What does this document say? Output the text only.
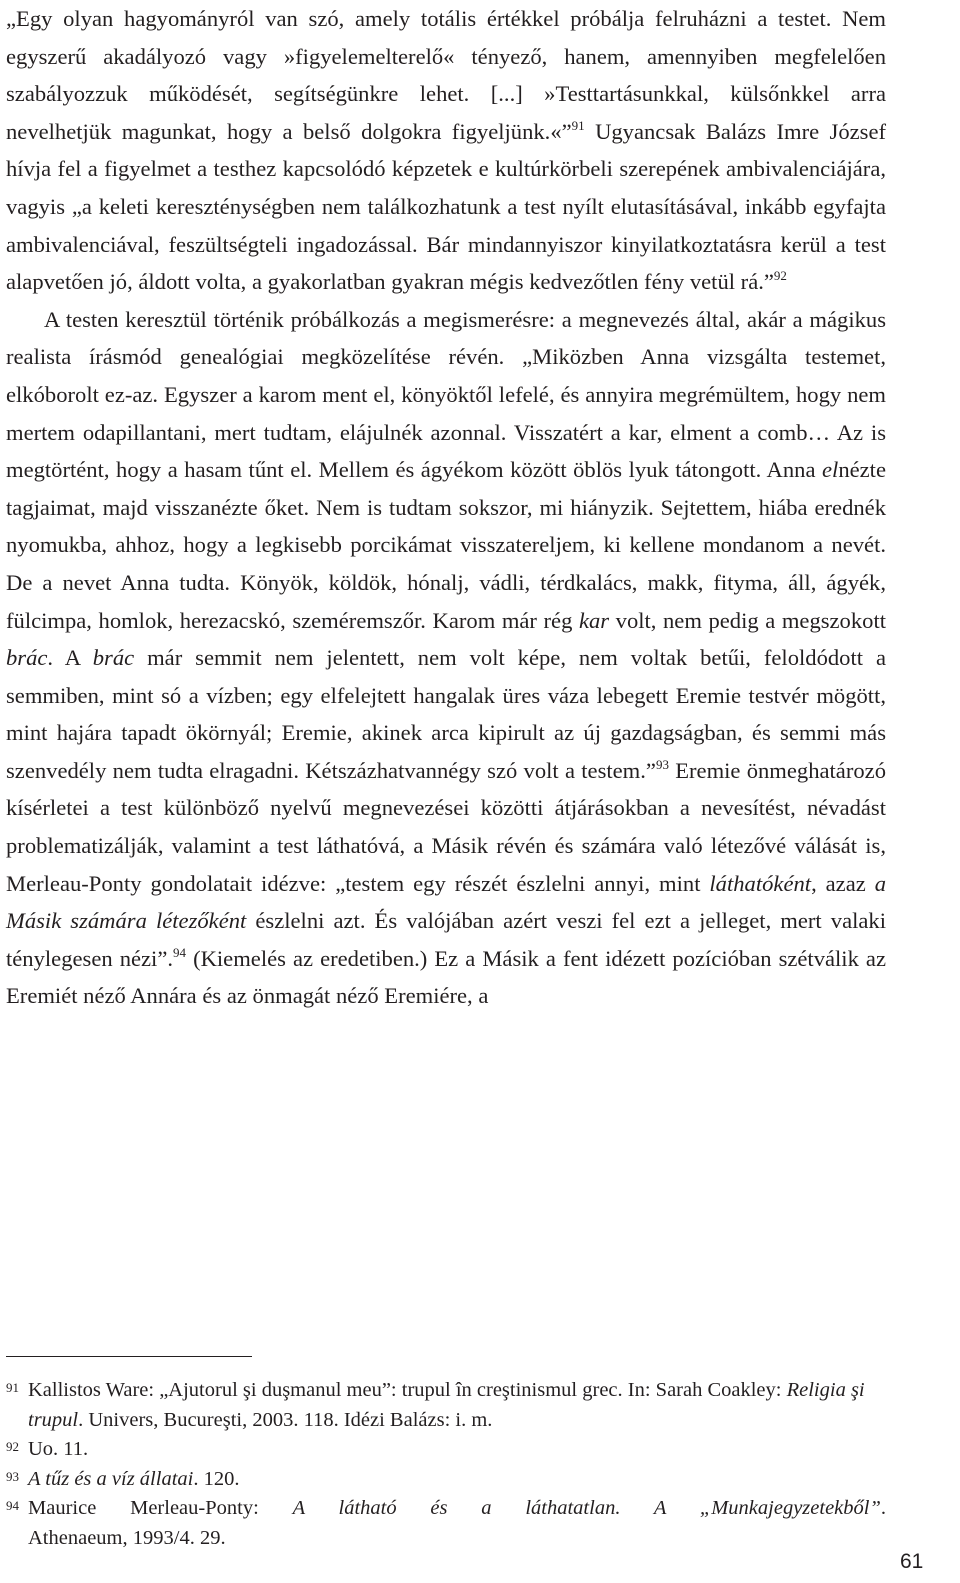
„Egy olyan hagyományról van szó, amely totális értékkel próbálja felruházni a testet. Nem egyszerű akadályozó vagy »figyelemelterelő« tényező, hanem, amennyiben megfelelően szabályozzuk működését, segítségünkre lehet. [...] »Testtartásunkkal, külsőnkkel arra nevelhetjük magunkat, hogy a belső dolgokra figyeljünk.«”$^{91}$ Ugyancsak Balázs Imre József hívja fel a figyelmet a testhez kapcsolódó képzetek e kultúrkörbeli szerepének ambivalenciájára, vagyis „a keleti kereszténységben nem találkozhatunk a test nyílt elutasításával, inkább egyfajta ambivalenciával, feszültségteli ingadozással. Bár mindannyiszor kinyilatkoztatásra kerül a test alapvetően jó, áldott volta, a gyakorlatban gyakran mégis kedvezőtlen fény vetül rá.”$^{92}$

A testen keresztül történik próbálkozás a megismerésre: a megnevezés által, akár a mágikus realista írásmód genealógiai megközelítése révén. „Miközben Anna vizsgálta testemet, elkóborolt ez-az. Egyszer a karom ment el, könyöktől lefelé, és annyira megrémültem, hogy nem mertem odapillantani, mert tudtam, elájulnék azonnal. Visszatért a kar, elment a comb… Az is megtörtént, hogy a hasam tűnt el. Mellem és ágyékom között öblös lyuk tátongott. Anna elnézte tagjaimat, majd visszanézte őket. Nem is tudtam sokszor, mi hiányzik. Sejtettem, hiába erednék nyomukba, ahhoz, hogy a legkisebb porcikámat visszatereljem, ki kellene mondanom a nevét. De a nevet Anna tudta. Könyök, köldök, hónalj, vádli, térdkalács, makk, fityma, áll, ágyék, fülcimpa, homlok, herezacskó, szeméremszőr. Karom már rég kar volt, nem pedig a megszokott brác. A brác már semmit nem jelentett, nem volt képe, nem voltak betűi, feloldódott a semmiben, mint só a vízben; egy elfelejtett hangalak üres váza lebegett Eremie testvér mögött, mint hajára tapadt ökörnyál; Eremie, akinek arca kipirult az új gazdagságban, és semmi más szenvedély nem tudta elragadni. Kétszázhatvannégy szó volt a testem.”$^{93}$ Eremie önmeghatározó kísérletei a test különböző nyelvű megnevezései közötti átjárásokban a nevesítést, névadást problematizálják, valamint a test láthatóvá, a Másik révén és számára való létezővé válását is, Merleau-Ponty gondolatait idézve: „testem egy részét észlelni annyi, mint láthatóként, azaz a Másik számára létezőként észlelni azt. És valójában azért veszi fel ezt a jelleget, mert valaki ténylegesen nézi”.$^{94}$ (Kiemelés az eredetiben.) Ez a Másik a fent idézett pozícióban szétválik az Eremiét néző Annára és az önmagát néző Eremiére, a

91 Kallistos Ware: „Ajutorul şi duşmanul meu”: trupul în creştinismul grec. In: Sarah Coakley: Religia şi trupul. Univers, Bucureşti, 2003. 118. Idézi Balázs: i. m.

92 Uo. 11.

93 A tűz és a víz állatai. 120.

94 Maurice Merleau-Ponty: A látható és a láthatatlan. A „Munkajegyzetekből”.
Athenaeum, 1993/4. 29.

61
